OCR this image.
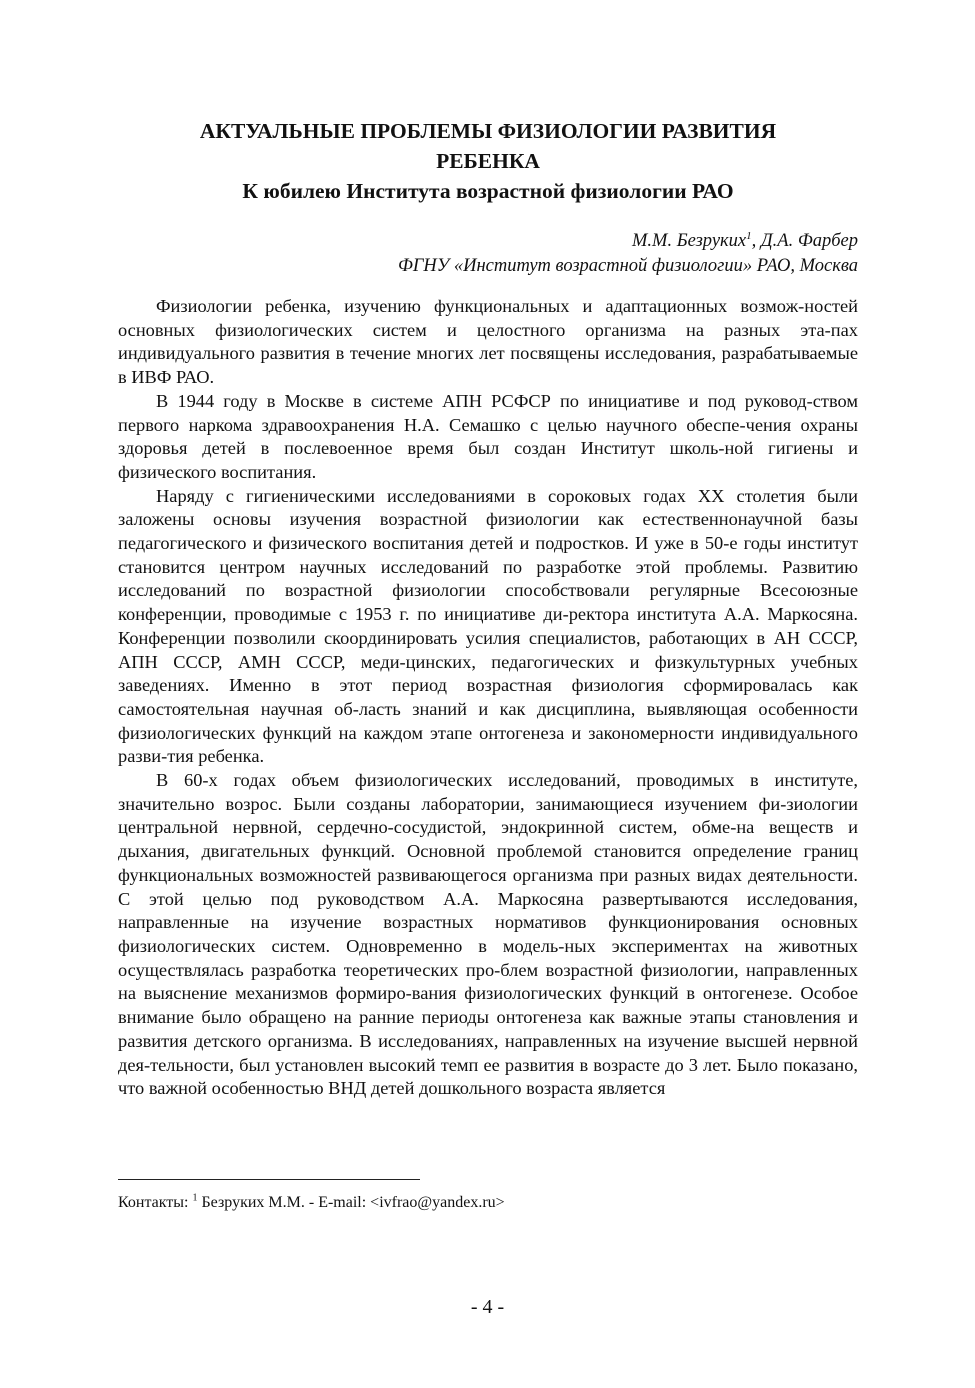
АКТУАЛЬНЫЕ ПРОБЛЕМЫ ФИЗИОЛОГИИ РАЗВИТИЯ
РЕБЕНКА
К юбилею Института возрастной физиологии РАО
М.М. Безруких$^1$, Д.А. Фарбер
ФГНУ «Институт возрастной физиологии» РАО, Москва

Физиологии ребенка, изучению функциональных и адаптационных возмож-ностей основных физиологических систем и целостного организма на разных эта-пах индивидуального развития в течение многих лет посвящены исследования, разрабатываемые в ИВФ РАО.

В 1944 году в Москве в системе АПН РСФСР по инициативе и под руковод-ством первого наркома здравоохранения Н.А. Семашко с целью научного обеспе-чения охраны здоровья детей в послевоенное время был создан Институт школь-ной гигиены и физического воспитания.

Наряду с гигиеническими исследованиями в сороковых годах XX столетия были заложены основы изучения возрастной физиологии как естественнонаучной базы педагогического и физического воспитания детей и подростков. И уже в 50-е годы институт становится центром научных исследований по разработке этой проблемы. Развитию исследований по возрастной физиологии способствовали регулярные Всесоюзные конференции, проводимые с 1953 г. по инициативе ди-ректора института А.А. Маркосяна. Конференции позволили скоординировать усилия специалистов, работающих в АН СССР, АПН СССР, АМН СССР, меди-цинских, педагогических и физкультурных учебных заведениях. Именно в этот период возрастная физиология сформировалась как самостоятельная научная об-ласть знаний и как дисциплина, выявляющая особенности физиологических функций на каждом этапе онтогенеза и закономерности индивидуального разви-тия ребенка.

В 60-х годах объем физиологических исследований, проводимых в институте, значительно возрос. Были созданы лаборатории, занимающиеся изучением фи-зиологии центральной нервной, сердечно-сосудистой, эндокринной систем, обме-на веществ и дыхания, двигательных функций. Основной проблемой становится определение границ функциональных возможностей развивающегося организма при разных видах деятельности. С этой целью под руководством А.А. Маркосяна развертываются исследования, направленные на изучение возрастных нормативов функционирования основных физиологических систем. Одновременно в модель-ных экспериментах на животных осуществлялась разработка теоретических про-блем возрастной физиологии, направленных на выяснение механизмов формиро-вания физиологических функций в онтогенезе. Особое внимание было обращено на ранние периоды онтогенеза как важные этапы становления и развития детского организма. В исследованиях, направленных на изучение высшей нервной дея-тельности, был установлен высокий темп ее развития в возрасте до 3 лет. Было показано, что важной особенностью ВНД детей дошкольного возраста является

Контакты: $^1$ Безруких М.М. - E-mail: <ivfrao@yandex.ru>
- 4 -
